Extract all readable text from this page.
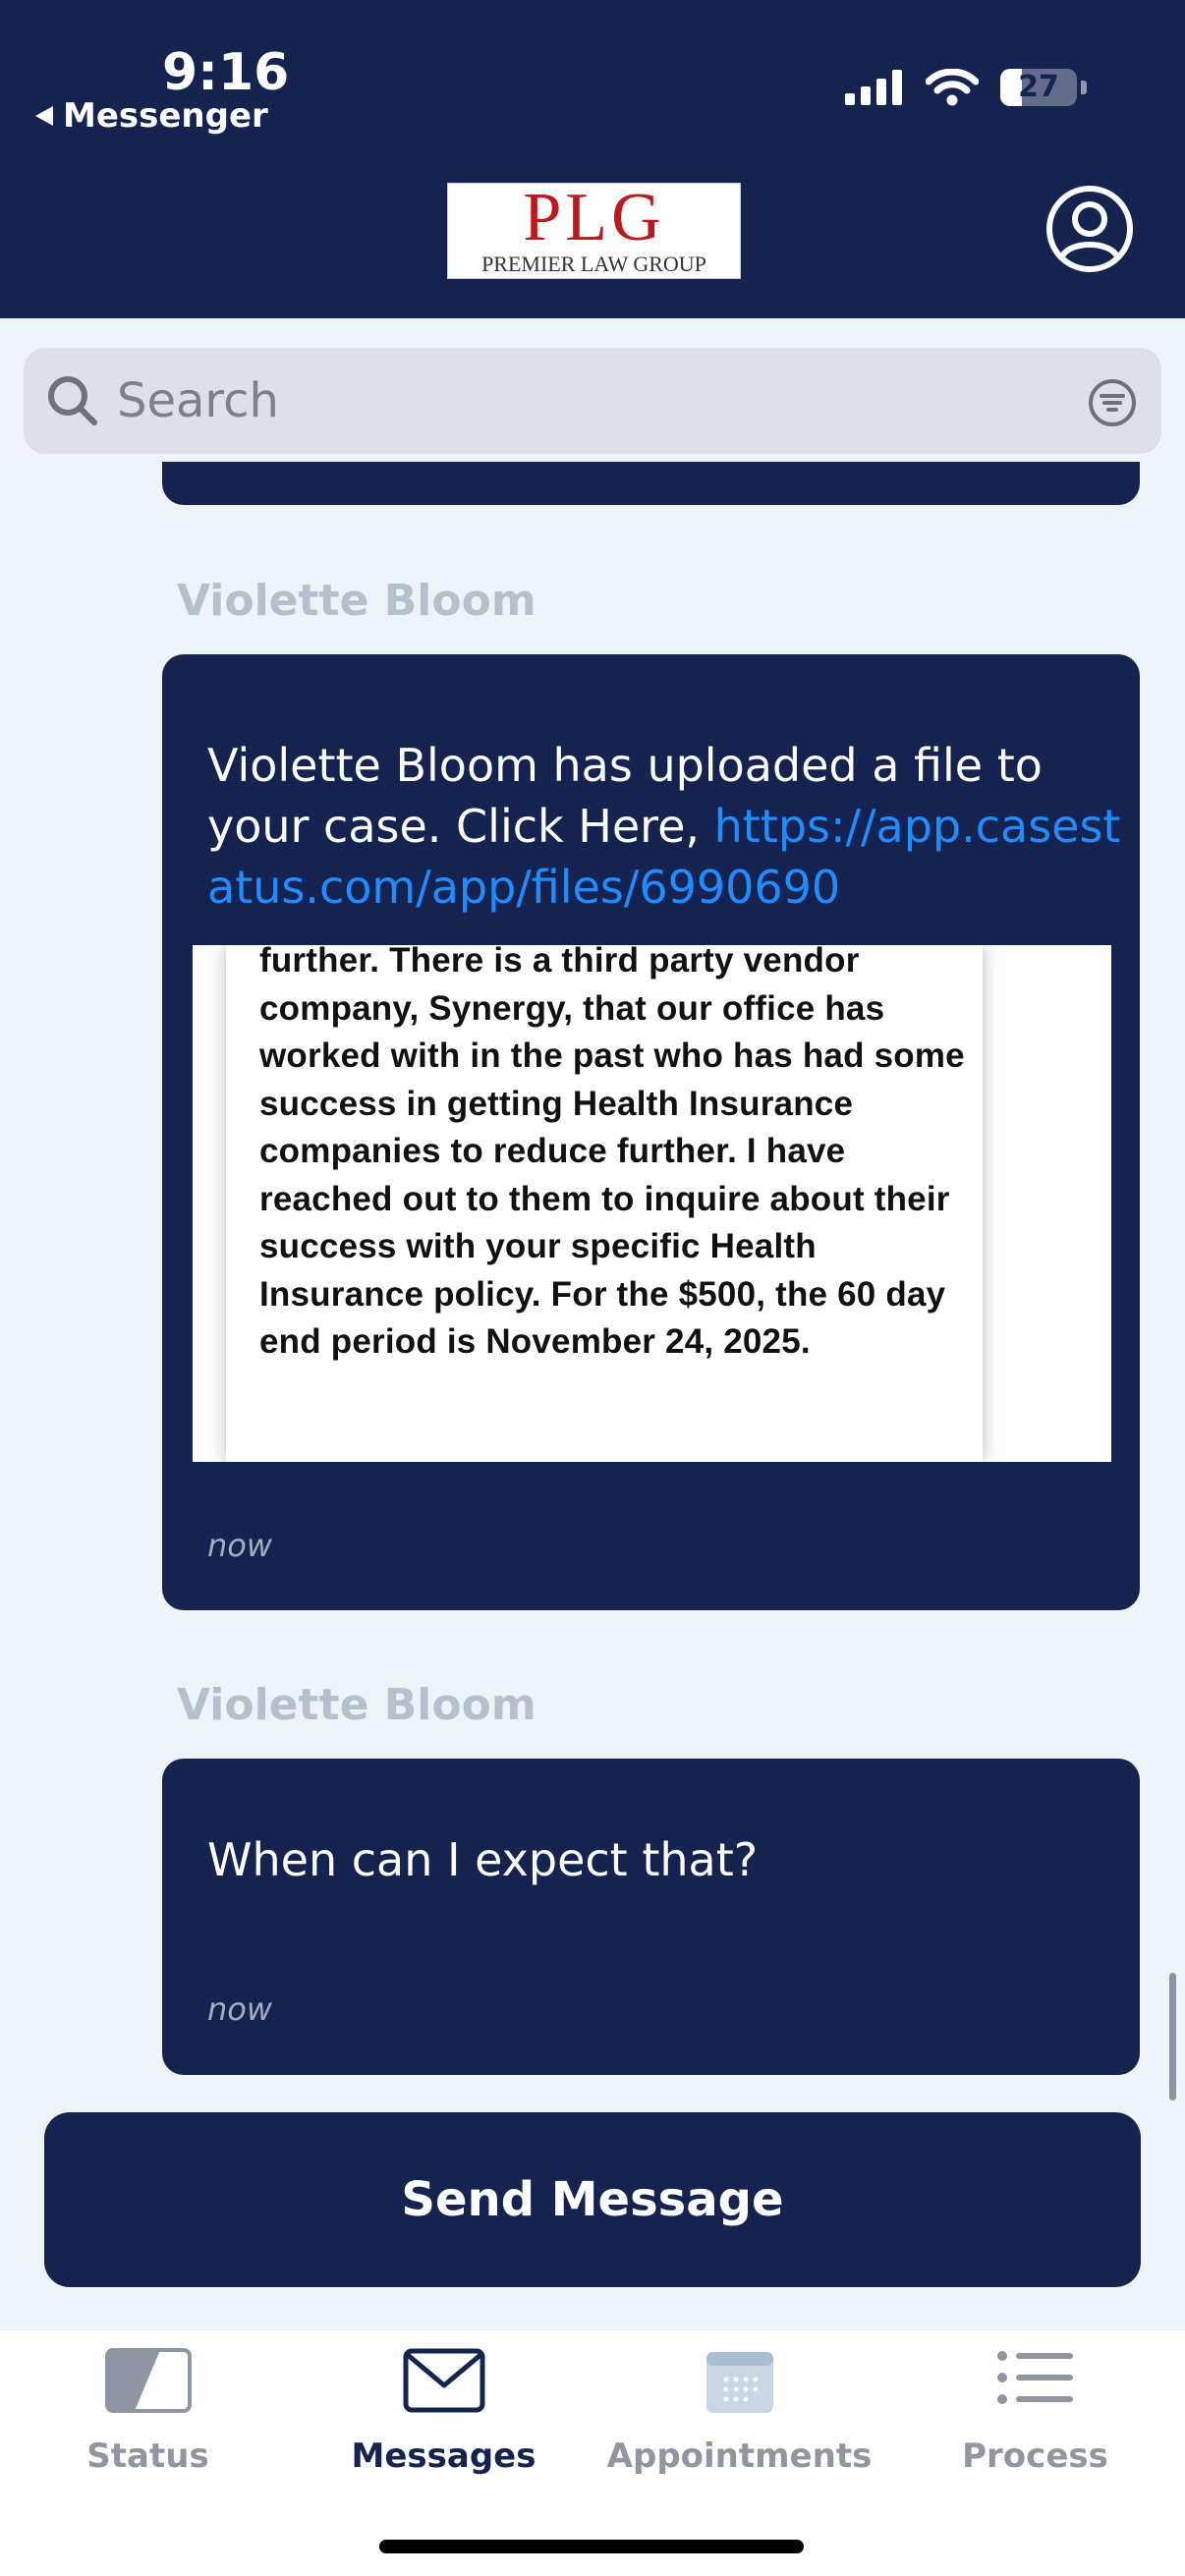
9:16
Messenger
27
PLG
PREMIER LAW GROUP
Search
Violette Bloom
Violette Bloom has uploaded a file to your case. Click Here, https://app.casestatus.com/app/files/6990690
now
further. There is a third party vendor company, Synergy, that our office has worked with in the past who has had some success in getting Health Insurance companies to reduce further. I have reached out to them to inquire about their success with your specific Health Insurance policy. For the $500, the 60 day end period is November 24, 2025.
Violette Bloom
When can I expect that?
now
Send Message
Status	Messages	Appointments	Process
